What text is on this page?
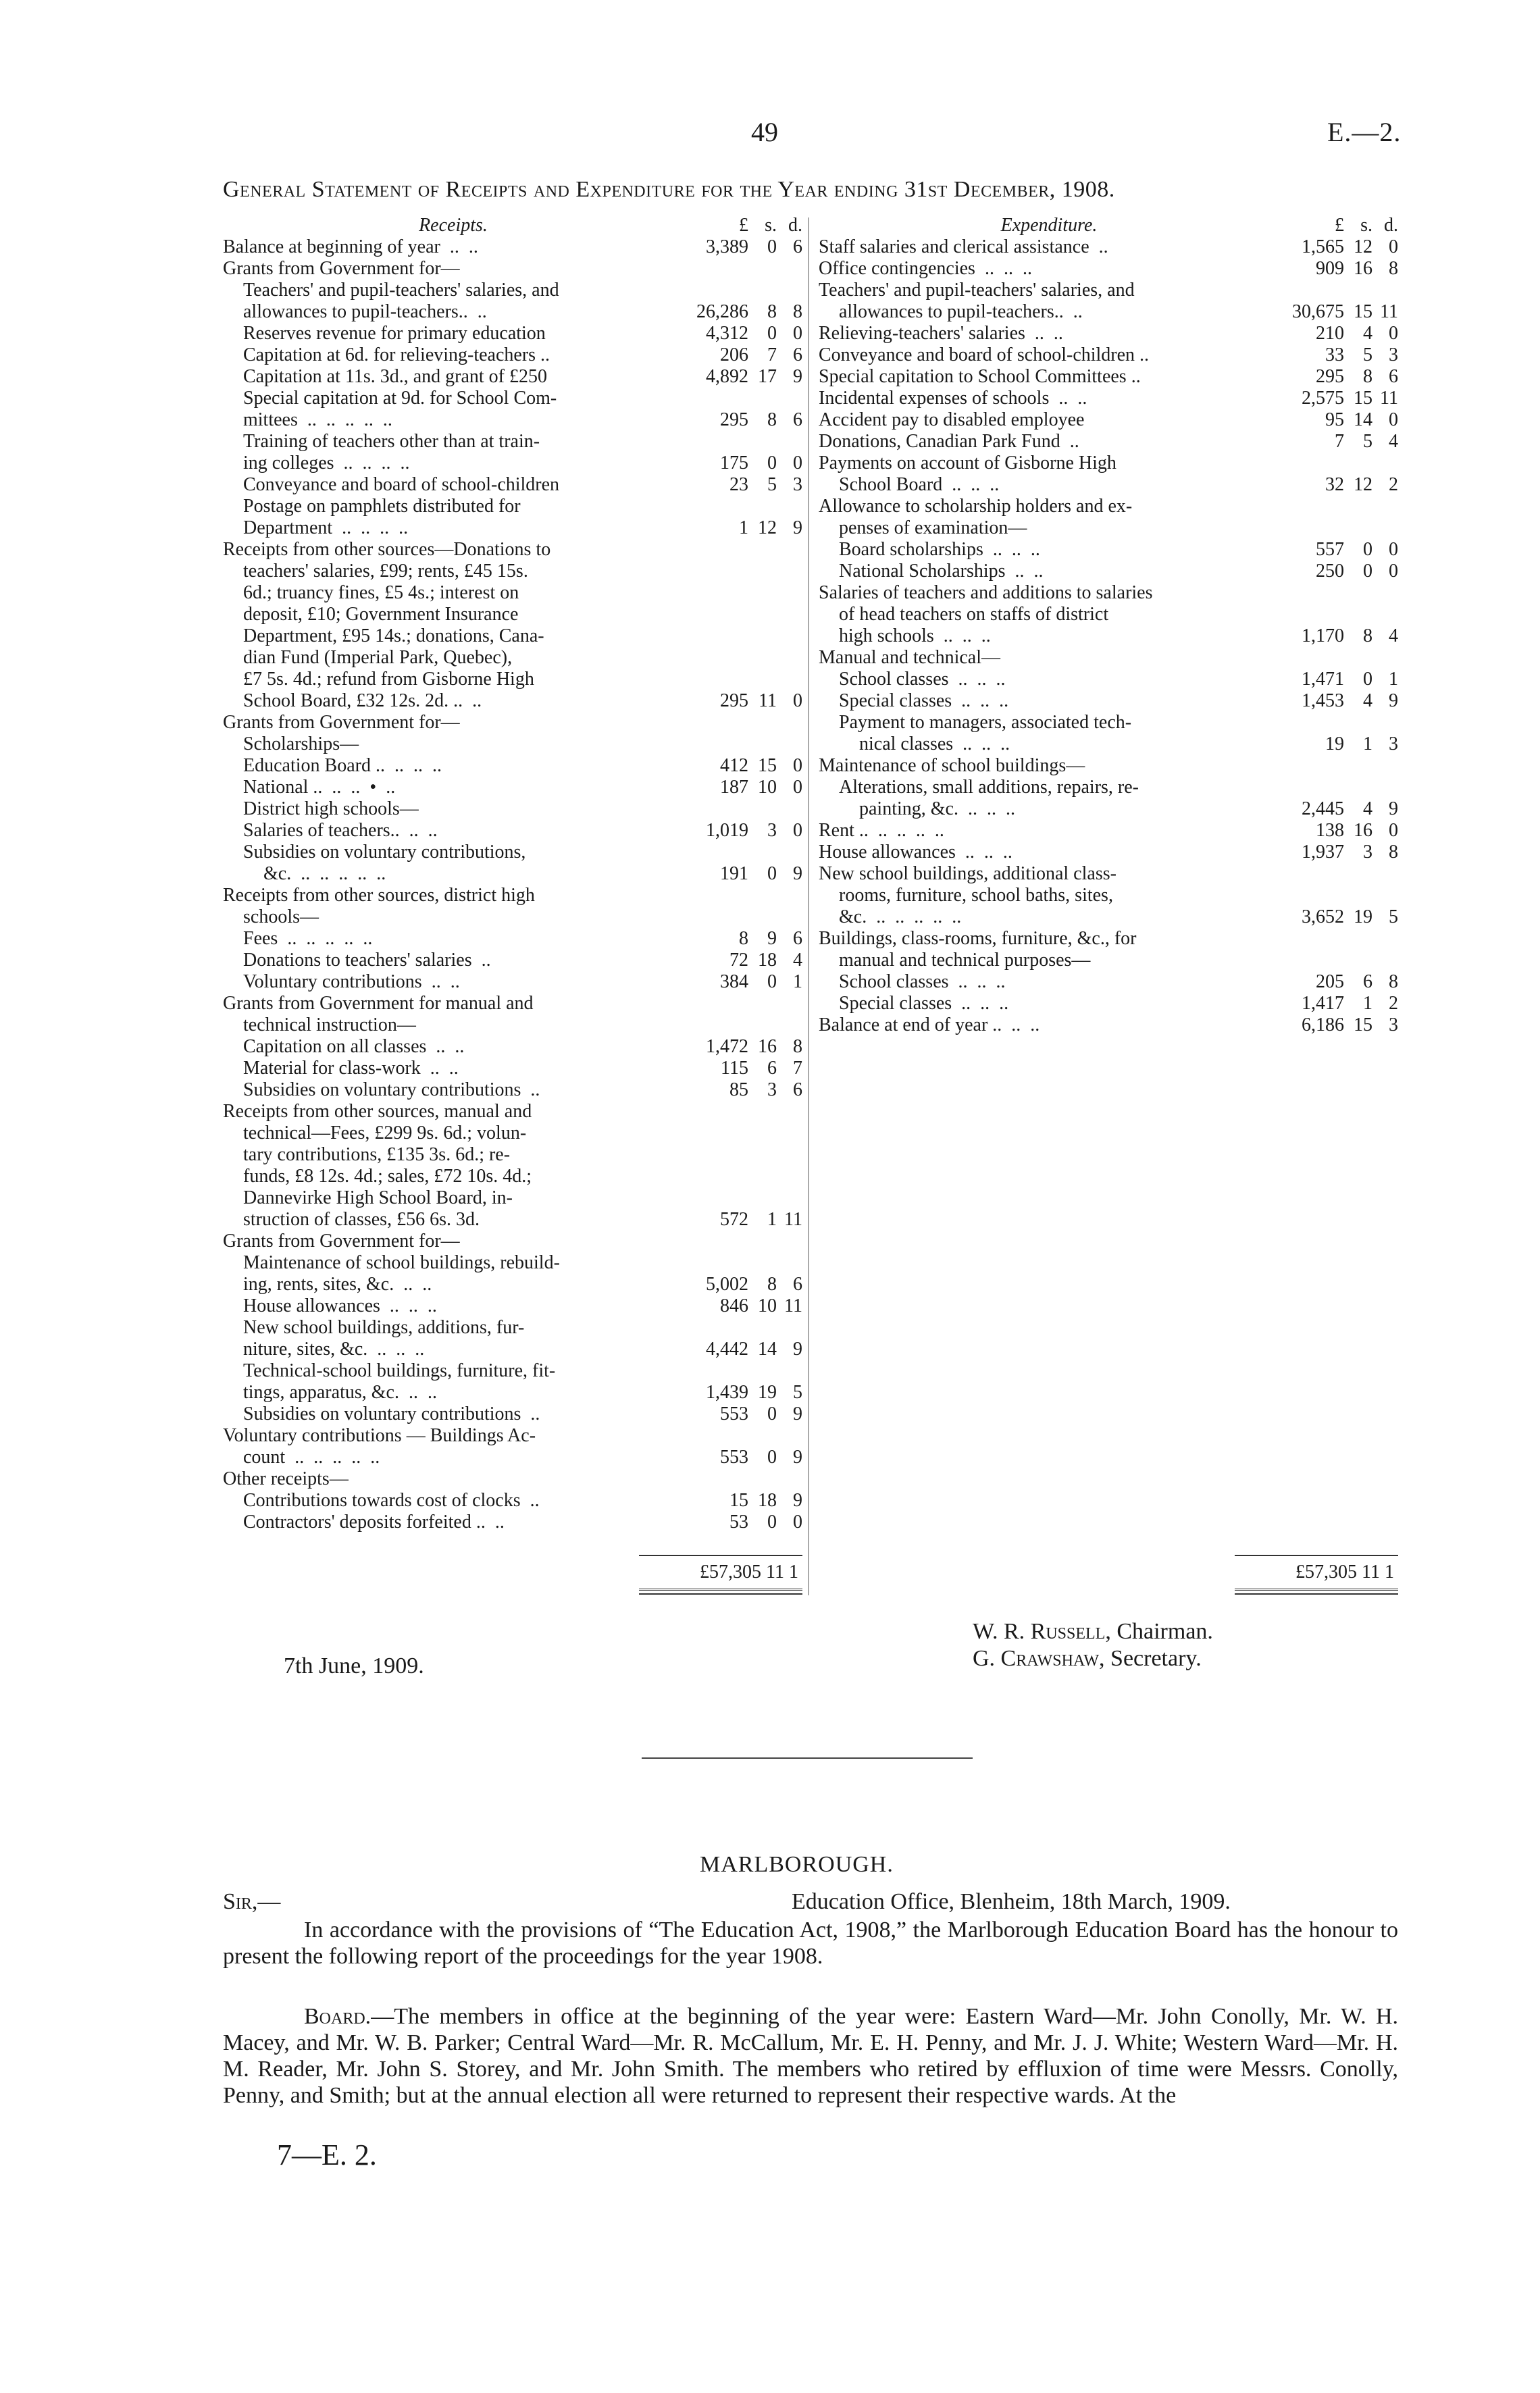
49	E.—2.
General Statement of Receipts and Expenditure for the Year ending 31st December, 1908.
Receipts.	£ s. d.
Balance at beginning of year  ..  ..	3,389	0 6
Grants from Government for—
Teachers' and pupil-teachers' salaries, and
allowances to pupil-teachers..  ..	26,286	8 8
Reserves revenue for primary education	4,312	0 0
Capitation at 6d. for relieving-teachers ..	206	7 6
Capitation at 11s. 3d., and grant of £250	4,892 17 9
Special capitation at 9d. for School Com-
mittees  ..  ..  ..  ..  ..	295	8 6
Training of teachers other than at train-
ing colleges  ..  ..  ..  ..	175	0 0
Conveyance and board of school-children	23	5 3
Postage on pamphlets distributed for
Department  ..  ..  ..  ..	1 12 9
Receipts from other sources—Donations to
teachers' salaries, £99; rents, £45 15s.
6d.; truancy fines, £5 4s.; interest on
deposit, £10; Government Insurance
Department, £95 14s.; donations, Cana-
dian Fund (Imperial Park, Quebec),
£7 5s. 4d.; refund from Gisborne High
School Board, £32 12s. 2d. ..  ..	295 11 0
Grants from Government for—
Scholarships—
Education Board ..  ..  ..  ..	412 15 0
National ..  ..  ..  •  ..	187 10 0
District high schools—
Salaries of teachers..  ..  ..	1,019	3 0
Subsidies on voluntary contributions,
&c.  ..  ..  ..  ..  ..	191	0 9
Receipts from other sources, district high
schools—
Fees  ..  ..  ..  ..  ..	8	9 6
Donations to teachers' salaries  ..	72 18 4
Voluntary contributions  ..  ..	384	0 1
Grants from Government for manual and
technical instruction—
Capitation on all classes  ..  ..	1,472 16 8
Material for class-work  ..  ..	115	6 7
Subsidies on voluntary contributions  ..	85	3 6
Receipts from other sources, manual and
technical—Fees, £299 9s. 6d.; volun-
tary contributions, £135 3s. 6d.; re-
funds, £8 12s. 4d.; sales, £72 10s. 4d.;
Dannevirke High School Board, in-
struction of classes, £56 6s. 3d.	572	1 11
Grants from Government for—
Maintenance of school buildings, rebuild-
ing, rents, sites, &c.  ..  ..	5,002	8 6
House allowances  ..  ..  ..	846 10 11
New school buildings, additions, fur-
niture, sites, &c.  ..  ..  ..	4,442 14 9
Technical-school buildings, furniture, fit-
tings, apparatus, &c.  ..  ..	1,439 19 5
Subsidies on voluntary contributions  ..	553	0 9
Voluntary contributions — Buildings Ac-
count  ..  ..  ..  ..  ..	553	0 9
Other receipts—
Contributions towards cost of clocks  ..	15 18 9
Contractors' deposits forfeited ..  ..	53	0 0
Expenditure.	£ s. d.
Staff salaries and clerical assistance  ..	1,565 12 0
Office contingencies  ..  ..  ..	909 16 8
Teachers' and pupil-teachers' salaries, and
allowances to pupil-teachers..  ..	30,675 15 11
Relieving-teachers' salaries  ..  ..	210	4 0
Conveyance and board of school-children ..	33	5 3
Special capitation to School Committees ..	295	8 6
Incidental expenses of schools  ..  ..	2,575 15 11
Accident pay to disabled employee	95 14 0
Donations, Canadian Park Fund  ..	7	5 4
Payments on account of Gisborne High
School Board  ..  ..  ..	32 12 2
Allowance to scholarship holders and ex-
penses of examination—
Board scholarships  ..  ..  ..	557	0 0
National Scholarships  ..  ..	250	0 0
Salaries of teachers and additions to salaries
of head teachers on staffs of district
high schools  ..  ..  ..	1,170	8 4
Manual and technical—
School classes  ..  ..  ..	1,471	0 1
Special classes  ..  ..  ..	1,453	4 9
Payment to managers, associated tech-
nical classes  ..  ..  ..	19	1 3
Maintenance of school buildings—
Alterations, small additions, repairs, re-
painting, &c.  ..  ..  ..	2,445	4 9
Rent ..  ..  ..  ..  ..	138 16 0
House allowances  ..  ..  ..	1,937	3 8
New school buildings, additional class-
rooms, furniture, school baths, sites,
&c.  ..  ..  ..  ..  ..	3,652 19 5
Buildings, class-rooms, furniture, &c., for
manual and technical purposes—
School classes  ..  ..  ..	205	6 8
Special classes  ..  ..  ..	1,417	1 2
Balance at end of year ..  ..  ..	6,186 15 3
£57,305 11 1	£57,305 11 1
7th June, 1909.
W. R. Russell, Chairman.
G. Crawshaw, Secretary.
MARLBOROUGH.
Sir,—	Education Office, Blenheim, 18th March, 1909.
In accordance with the provisions of “The Education Act, 1908,” the Marlborough Education Board has the honour to present the following report of the proceedings for the year 1908.
Board.—The members in office at the beginning of the year were: Eastern Ward—Mr. John Conolly, Mr. W. H. Macey, and Mr. W. B. Parker; Central Ward—Mr. R. McCallum, Mr. E. H. Penny, and Mr. J. J. White; Western Ward—Mr. H. M. Reader, Mr. John S. Storey, and Mr. John Smith. The members who retired by effluxion of time were Messrs. Conolly, Penny, and Smith; but at the annual election all were returned to represent their respective wards. At the
7—E. 2.
